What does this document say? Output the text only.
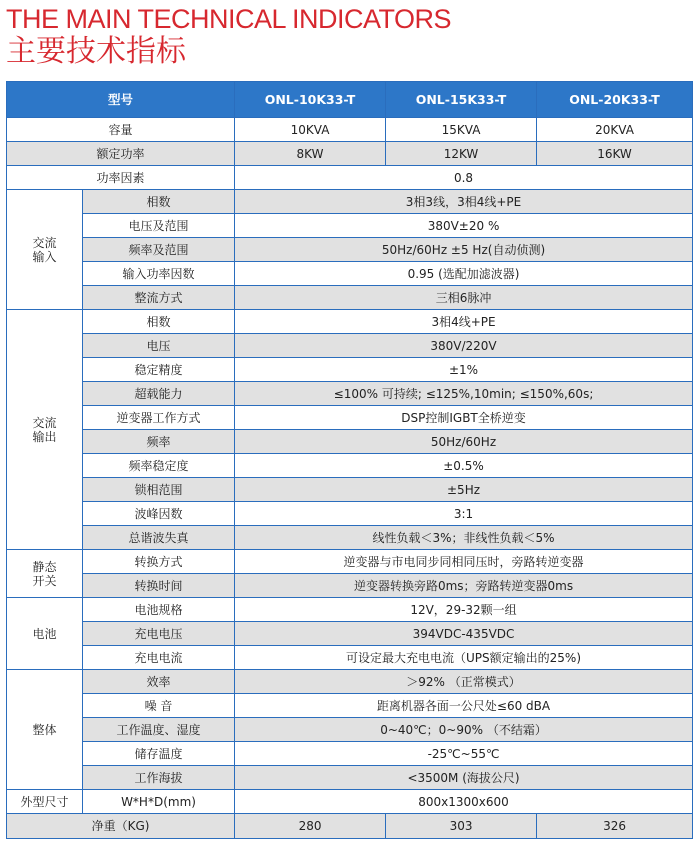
THE MAIN TECHNICAL INDICATORS
主要技术指标
型号		ONL-10K33-T	ONL-15K33-T	ONL-20K33-T
容量		10KVA	15KVA	20KVA
额定功率		8KW	12KW	16KW
功率因素		0.8		
交流
输入	相数	3相3线，3相4线+PE		
	电压及范围	380V±20 %		
	频率及范围	50Hz/60Hz ±5 Hz(自动侦测)		
	输入功率因数	0.95 (选配加滤波器)		
	整流方式	三相6脉冲		
交流
输出	相数	3相4线+PE		
	电压	380V/220V		
	稳定精度	±1%		
	超载能力	≤100% 可持续; ≤125%,10min; ≤150%,60s;		
	逆变器工作方式	DSP控制IGBT全桥逆变		
	频率	50Hz/60Hz		
	频率稳定度	±0.5%		
	锁相范围	±5Hz		
	波峰因数	3:1		
	总谐波失真	线性负载＜3%；非线性负载＜5%		
静态
开关	转换方式	逆变器与市电同步同相同压时，旁路转逆变器		
	转换时间	逆变器转换旁路0ms；旁路转逆变器0ms		
电池	电池规格	12V，29-32颗一组		
	充电电压	394VDC-435VDC		
	充电电流	可设定最大充电电流（UPS额定输出的25%)		
整体	效率	＞92% （正常模式）		
	噪 音	距离机器各面一公尺处≤60 dBA		
	工作温度、湿度	0~40℃；0~90% （不结霜）		
	储存温度	-25℃~55℃		
	工作海拔	<3500M (海拔公尺)		
外型尺寸	W*H*D(mm)	800x1300x600		
净重（KG)		280	303	326
